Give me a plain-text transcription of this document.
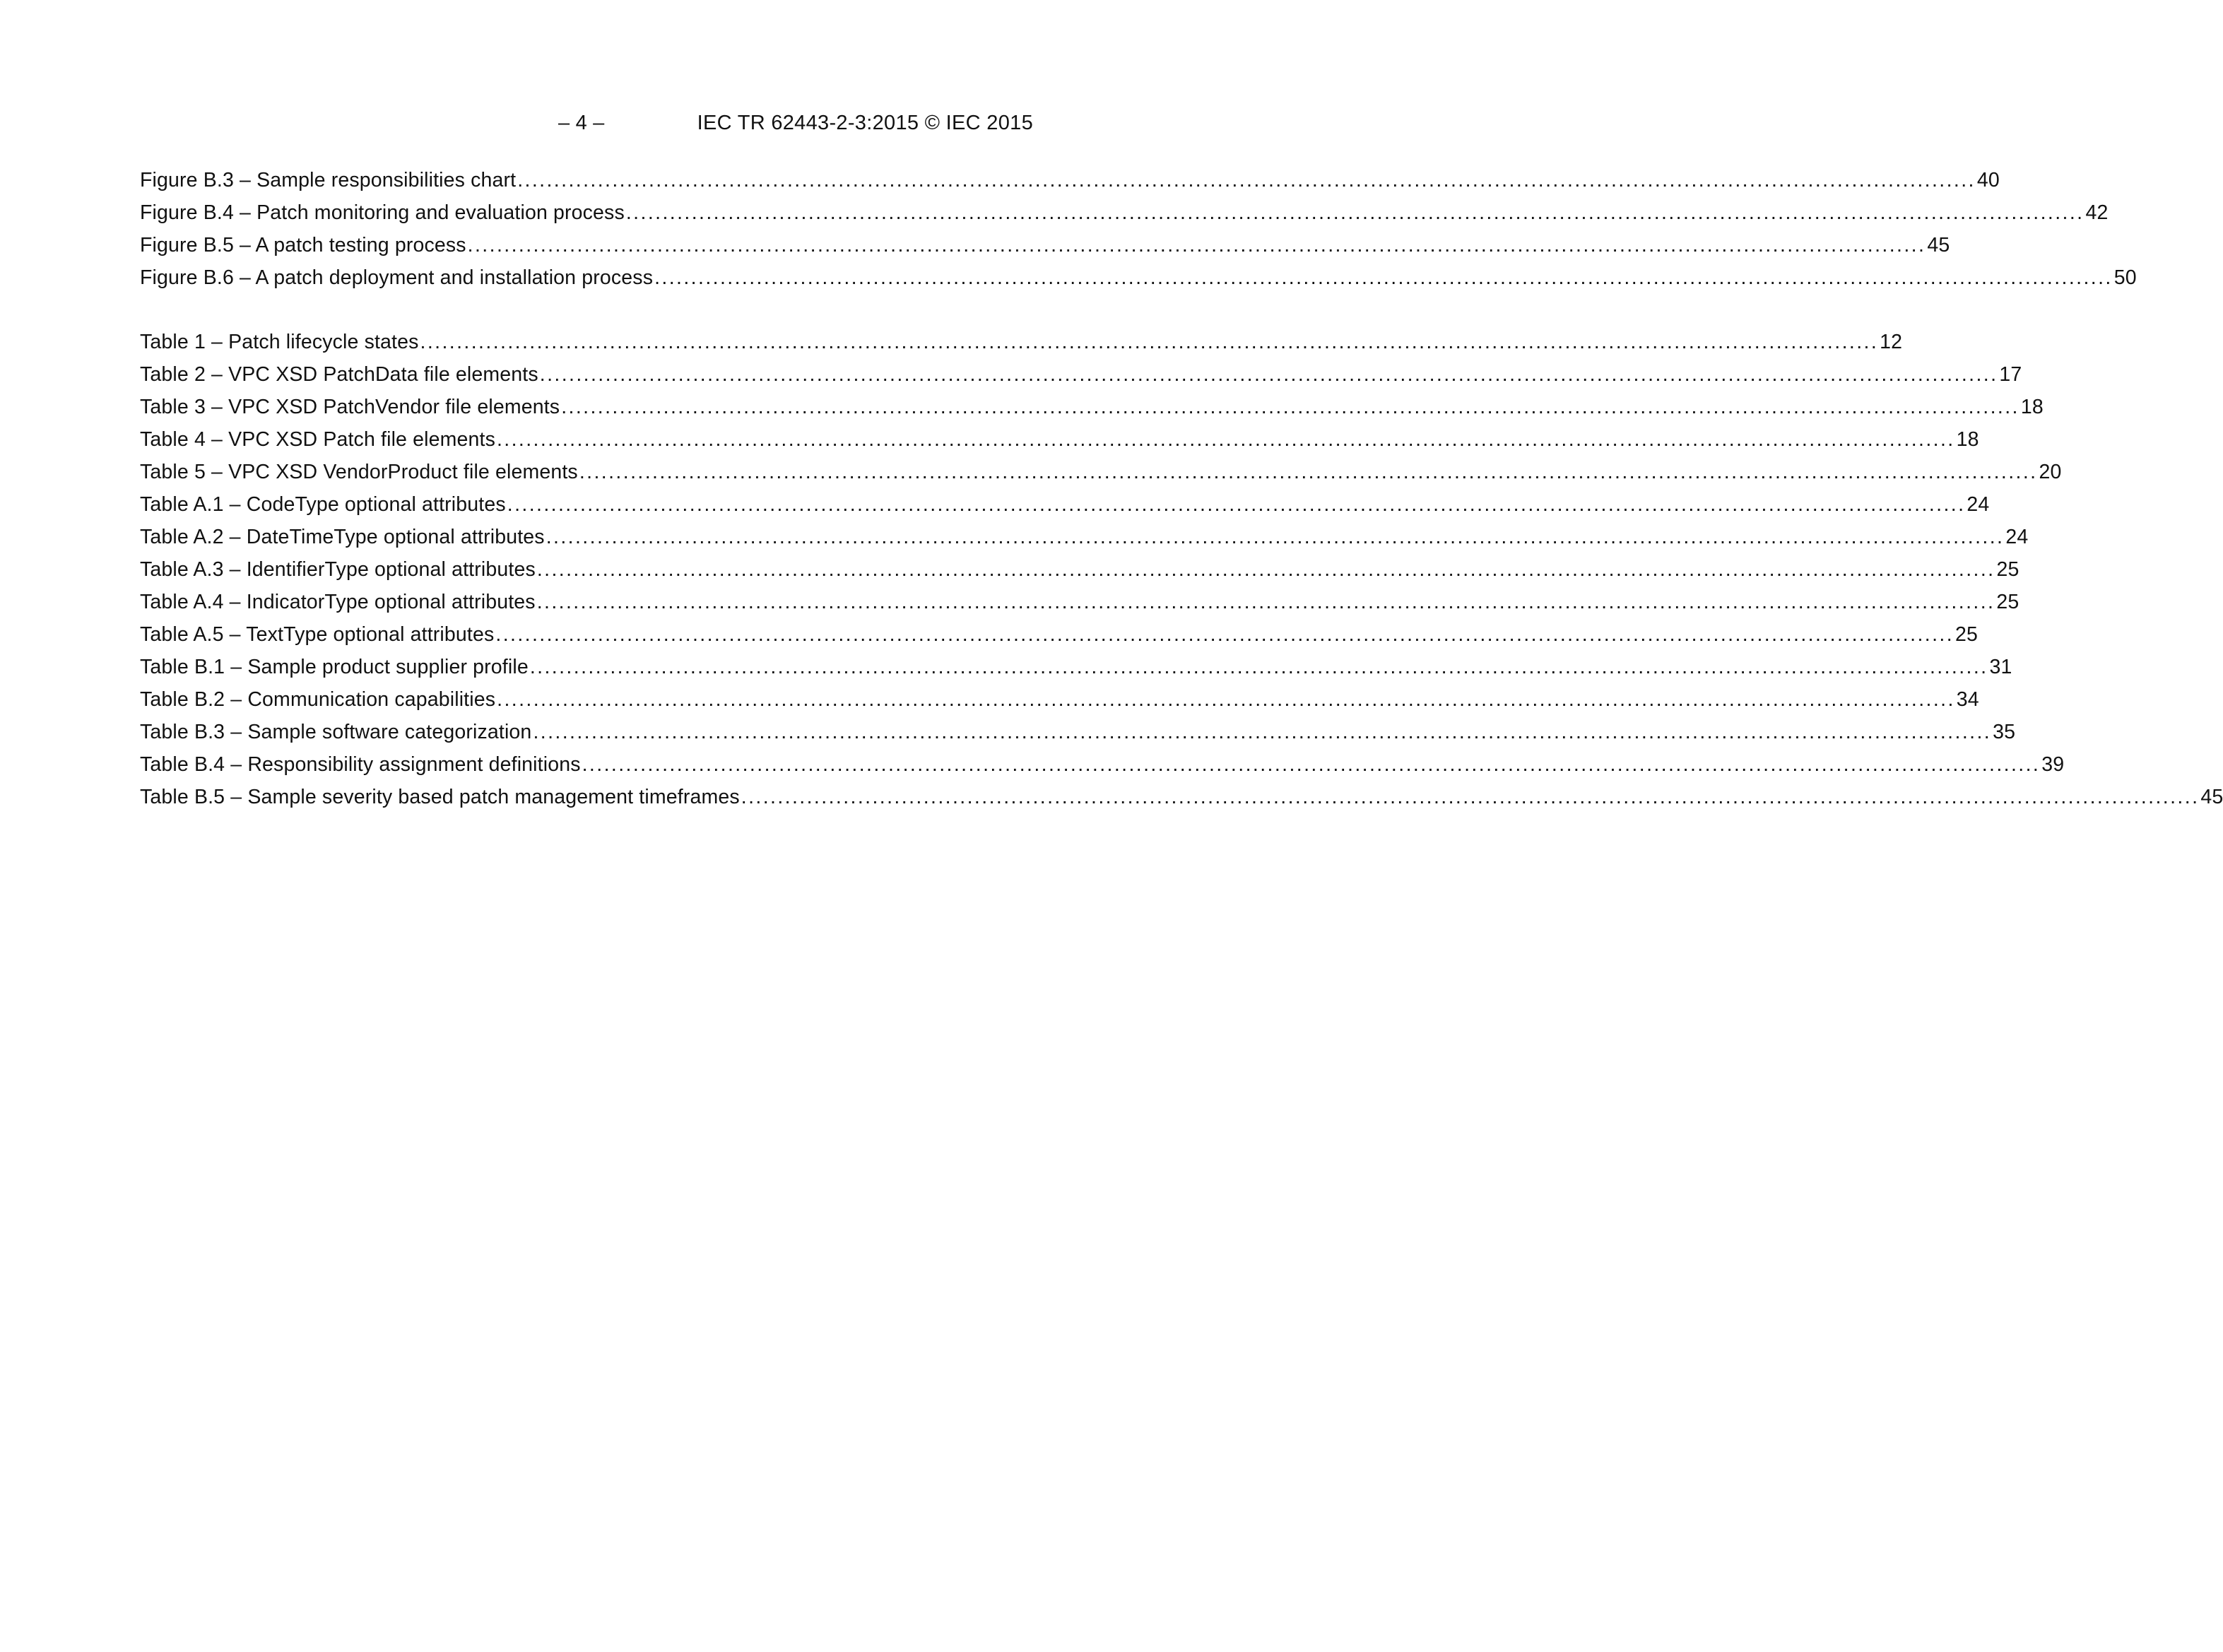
– 4 –	IEC TR 62443-2-3:2015 © IEC 2015
Figure B.3 – Sample responsibilities chart ........................................................................................................................................................................................................ 40
Figure B.4 – Patch monitoring and evaluation process ........................................................................................................................................................................................................ 42
Figure B.5 – A patch testing process ........................................................................................................................................................................................................ 45
Figure B.6 – A patch deployment and installation process ........................................................................................................................................................................................................ 50
Table 1 – Patch lifecycle states ........................................................................................................................................................................................................ 12
Table 2 – VPC XSD PatchData file elements ........................................................................................................................................................................................................ 17
Table 3 – VPC XSD PatchVendor file elements ........................................................................................................................................................................................................ 18
Table 4 – VPC XSD Patch file elements ........................................................................................................................................................................................................ 18
Table 5 – VPC XSD VendorProduct file elements ........................................................................................................................................................................................................ 20
Table A.1 – CodeType optional attributes ........................................................................................................................................................................................................ 24
Table A.2 – DateTimeType optional attributes ........................................................................................................................................................................................................ 24
Table A.3 – IdentifierType optional attributes ........................................................................................................................................................................................................ 25
Table A.4 – IndicatorType optional attributes ........................................................................................................................................................................................................ 25
Table A.5 – TextType optional attributes ........................................................................................................................................................................................................ 25
Table B.1 – Sample product supplier profile ........................................................................................................................................................................................................ 31
Table B.2 – Communication capabilities ........................................................................................................................................................................................................ 34
Table B.3 – Sample software categorization ........................................................................................................................................................................................................ 35
Table B.4 – Responsibility assignment definitions ........................................................................................................................................................................................................ 39
Table B.5 – Sample severity based patch management timeframes ........................................................................................................................................................................................................ 45
